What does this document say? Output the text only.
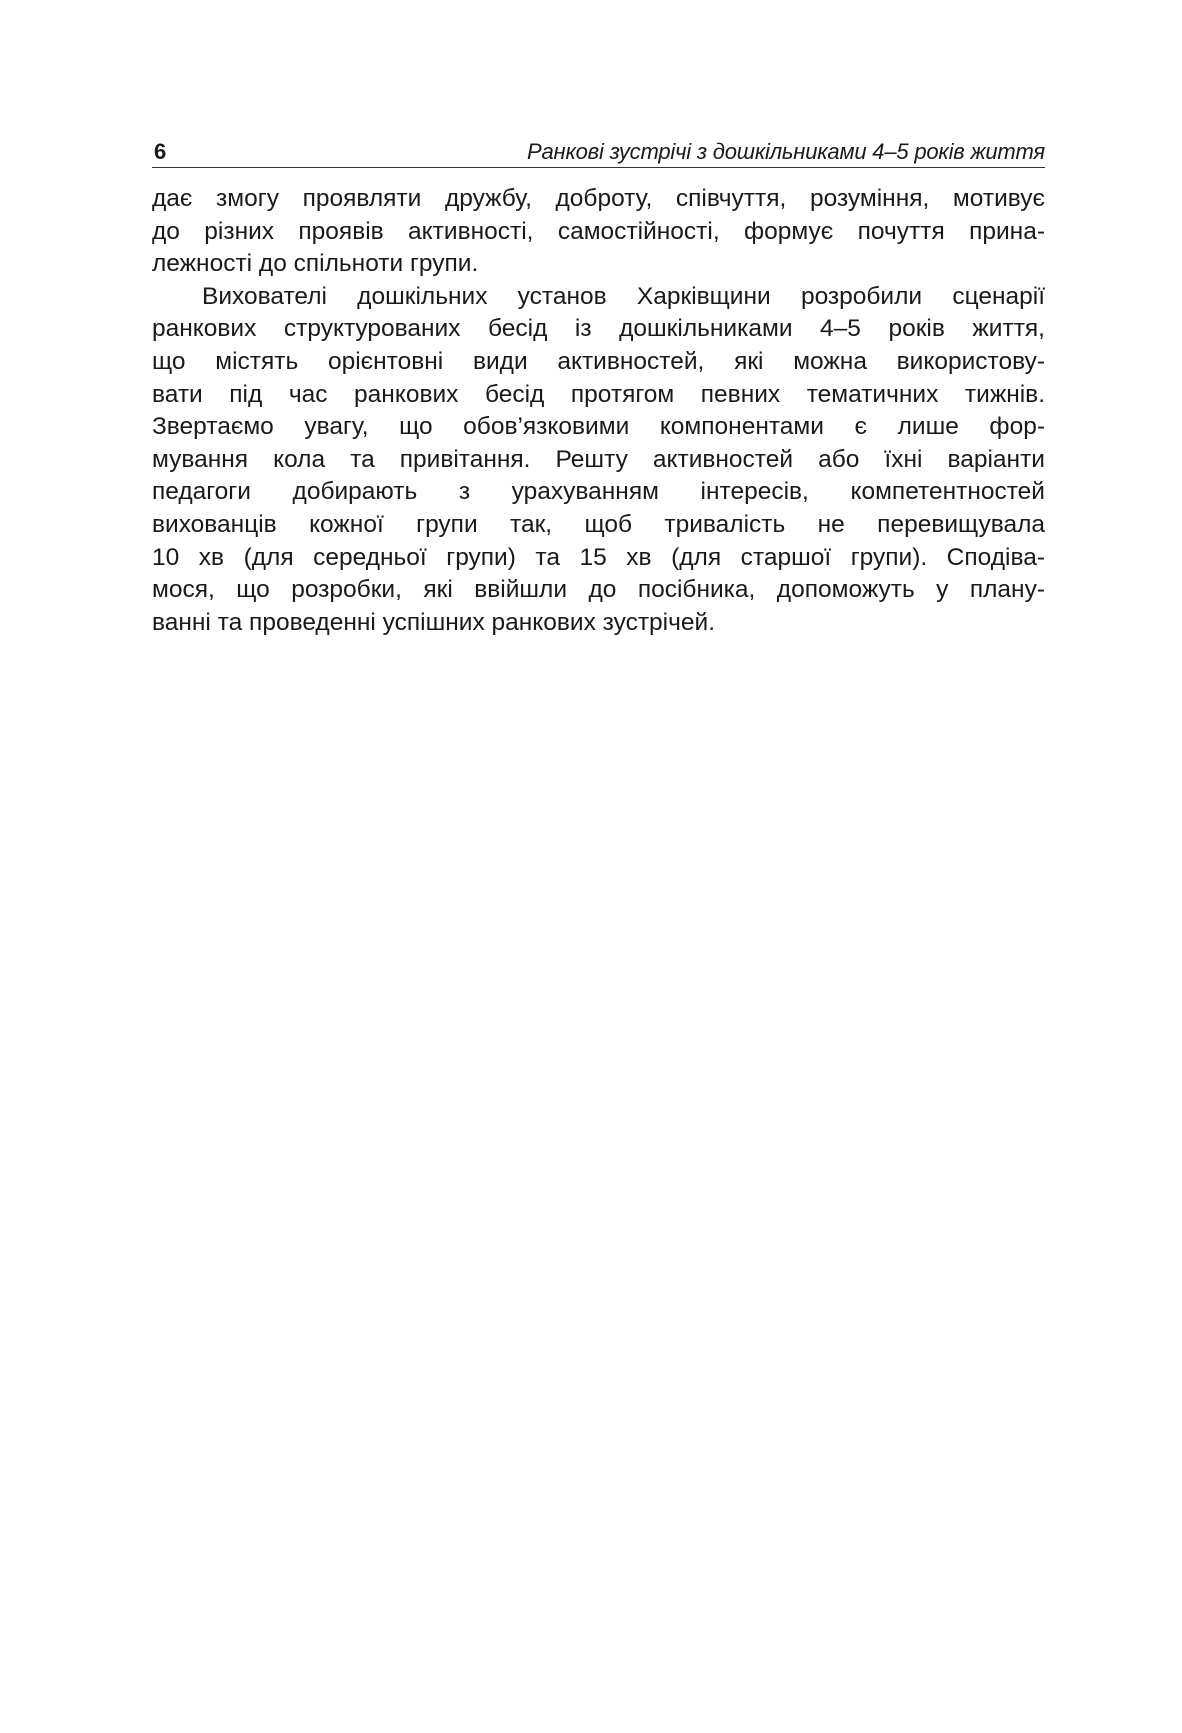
6	Ранкові зустрічі з дошкільниками 4–5 років життя
дає змогу проявляти дружбу, доброту, співчуття, розуміння, мотивує
до різних проявів активності, самостійності, формує почуття прина-
лежності до спільноти групи.
Вихователі дошкільних установ Харківщини розробили сценарії
ранкових структурованих бесід із дошкільниками 4–5 років життя,
що містять орієнтовні види активностей, які можна використову-
вати під час ранкових бесід протягом певних тематичних тижнів.
Звертаємо увагу, що обов’язковими компонентами є лише фор-
мування кола та привітання. Решту активностей або їхні варіанти
педагоги добирають з урахуванням інтересів, компетентностей
вихованців кожної групи так, щоб тривалість не перевищувала
10 хв (для середньої групи) та 15 хв (для старшої групи). Сподіва-
мося, що розробки, які ввійшли до посібника, допоможуть у плану-
ванні та проведенні успішних ранкових зустрічей.
